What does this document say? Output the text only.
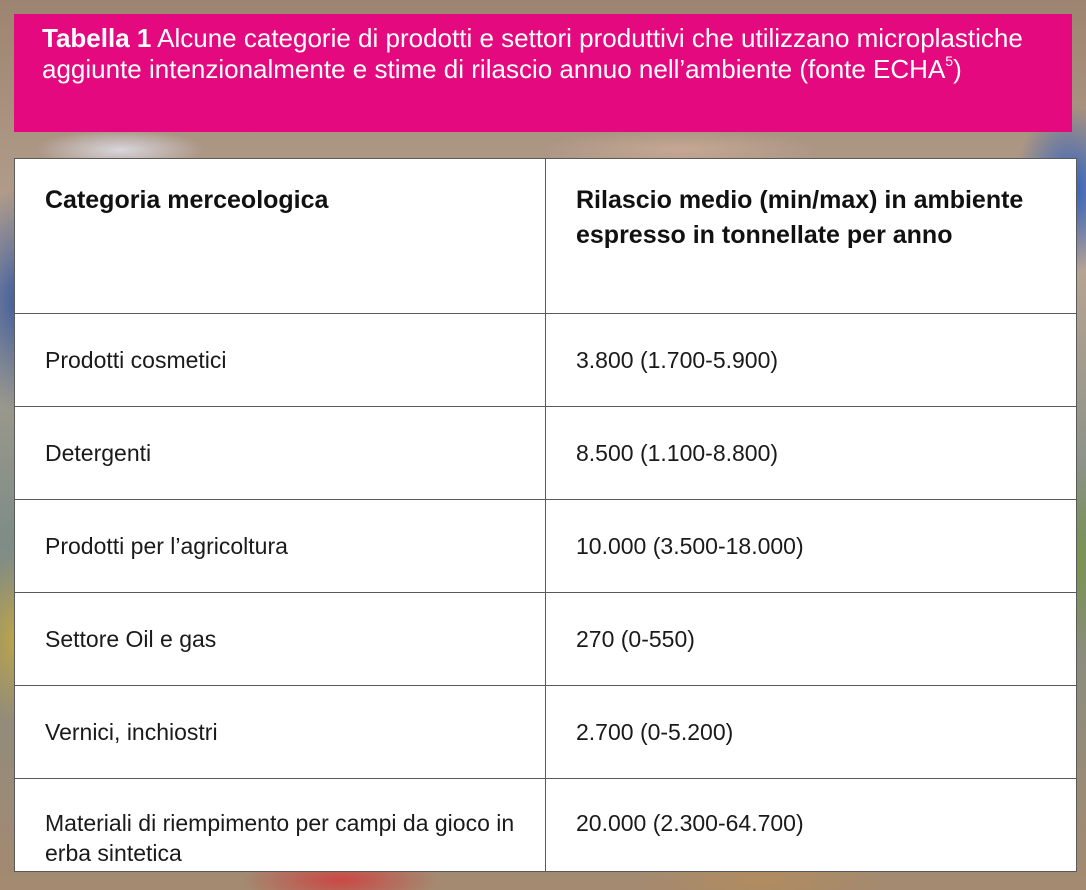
Tabella 1 Alcune categorie di prodotti e settori produttivi che utilizzano microplastiche aggiunte intenzionalmente e stime di rilascio annuo nell’ambiente (fonte ECHA$^5$)
Categoria merceologica	Rilascio medio (min/max) in ambiente espresso in tonnellate per anno
Prodotti cosmetici	3.800 (1.700-5.900)
Detergenti	8.500 (1.100-8.800)
Prodotti per l’agricoltura	10.000 (3.500-18.000)
Settore Oil e gas	270 (0-550)
Vernici, inchiostri	2.700 (0-5.200)
Materiali di riempimento per campi da gioco in erba sintetica	20.000 (2.300-64.700)
